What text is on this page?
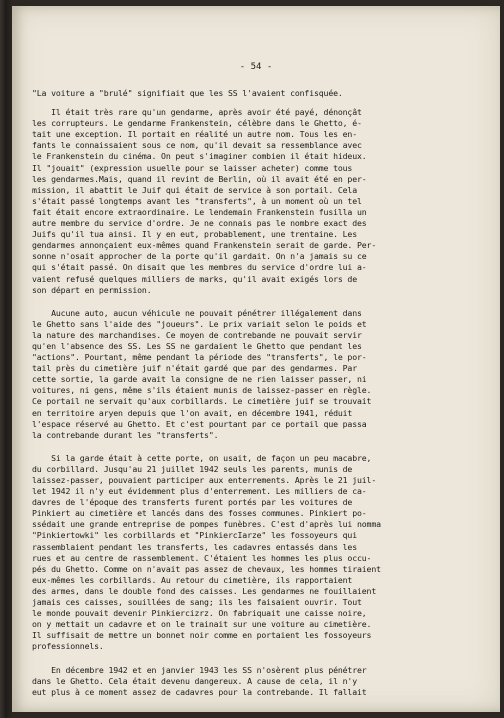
- 54 -
"La voiture a "brulé" signifiait que les SS l'avaient confisquée.
Il était très rare qu'un gendarme, après avoir été payé, dénonçât
les corrupteurs. Le gendarme Frankenstein, célèbre dans le Ghetto, é-
tait une exception. Il portait en réalité un autre nom. Tous les en-
fants le connaissaient sous ce nom, qu'il devait sa ressemblance avec
le Frankenstein du cinéma. On peut s'imaginer combien il était hideux.
Il "jouait" (expression usuelle pour se laisser acheter) comme tous
les gendarmes.Mais, quand il revint de Berlin, où il avait été en per-
mission, il abattit le Juif qui était de service à son portail. Cela
s'était passé longtemps avant les "transferts", à un moment où un tel
fait était encore extraordinaire. Le lendemain Frankenstein fusilla un
autre membre du service d'ordre. Je ne connais pas le nombre exact des
Juifs qu'il tua ainsi. Il y en eut, probablement, une trentaine. Les
gendarmes annonçaient eux-mêmes quand Frankenstein serait de garde. Per-
sonne n'osait approcher de la porte qu'il gardait. On n'a jamais su ce
qui s'était passé. On disait que les membres du service d'ordre lui a-
vaient refusé quelques milliers de marks, qu'il avait exigés lors de
son départ en permission.
Aucune auto, aucun véhicule ne pouvait pénétrer illégalement dans
le Ghetto sans l'aide des "joueurs". Le prix variait selon le poids et
la nature des marchandises. Ce moyen de contrebande ne pouvait servir
qu'en l'absence des SS. Les SS ne gardaient le Ghetto que pendant les
"actions". Pourtant, même pendant la période des "transferts", le por-
tail près du cimetière juif n'était gardé que par des gendarmes. Par
cette sortie, la garde avait la consigne de ne rien laisser passer, ni
voitures, ni gens, même s'ils étaient munis de laissez-passer en règle.
Ce portail ne servait qu'aux corbillards. Le cimetière juif se trouvait
en territoire aryen depuis que l'on avait, en décembre 1941, réduit
l'espace réservé au Ghetto. Et c'est pourtant par ce portail que passa
la contrebande durant les "transferts".
Si la garde était à cette porte, on usait, de façon un peu macabre,
du corbillard. Jusqu'au 21 juillet 1942 seuls les parents, munis de
laissez-passer, pouvaient participer aux enterrements. Après le 21 juil-
let 1942 il n'y eut évidemment plus d'enterrement. Les milliers de ca-
davres de l'époque des transferts furent portés par les voitures de
Pinkiert au cimetière et lancés dans des fosses communes. Pinkiert po-
ssédait une grande entreprise de pompes funèbres. C'est d'après lui nomma
"Pinkiertowki" les corbillards et "PinkiercIarze" les fossoyeurs qui
rassemblaient pendant les transferts, les cadavres entassés dans les
rues et au centre de rassemblement. C'étaient les hommes les plus occu-
pés du Ghetto. Comme on n'avait pas assez de chevaux, les hommes tiraient
eux-mêmes les corbillards. Au retour du cimetière, ils rapportaient
des armes, dans le double fond des caisses. Les gendarmes ne fouillaient
jamais ces caisses, souillées de sang; ils les faisaient ouvrir. Tout
le monde pouvait devenir Pinkiercizrz. On fabriquait une caisse noire,
on y mettait un cadavre et on le trainait sur une voiture au cimetière.
Il suffisait de mettre un bonnet noir comme en portaient les fossoyeurs
professionnels.
En décembre 1942 et en janvier 1943 les SS n'osèrent plus pénétrer
dans le Ghetto. Cela était devenu dangereux. A cause de cela, il n'y
eut plus à ce moment assez de cadavres pour la contrebande. Il fallait
